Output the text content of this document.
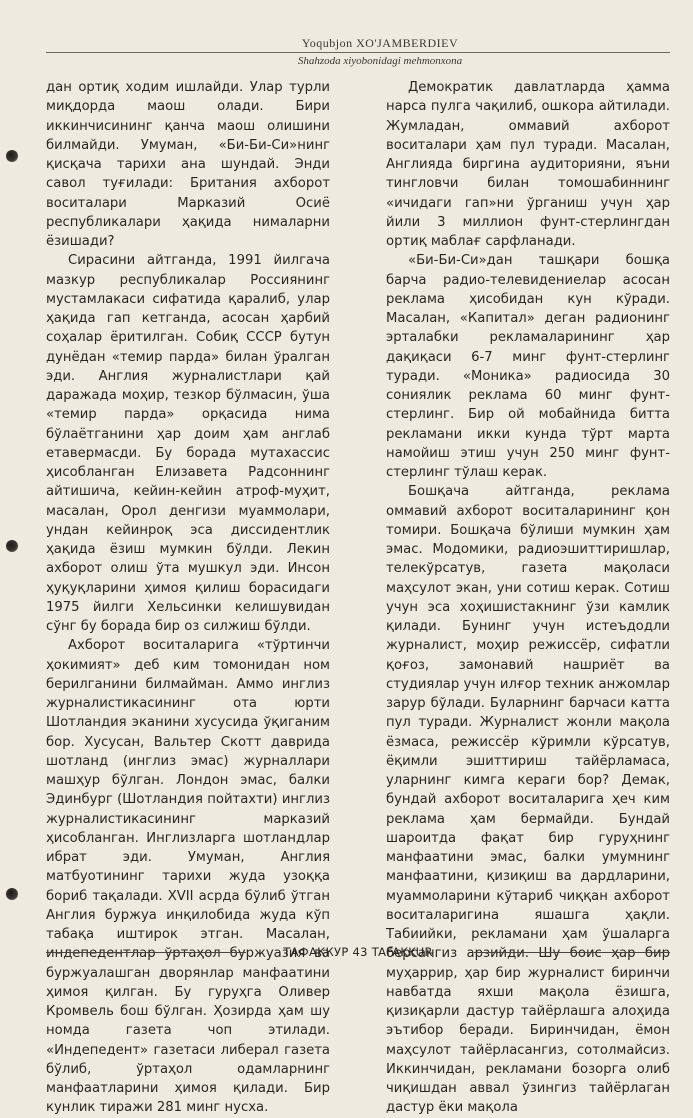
Yoqubjon XO'JAMBERDIEV
Shahzoda xiyobonidagi mehmonxona

дан ортиқ ходим ишлайди. Улар турли миқдорда маош олади. Бири иккинчисининг қанча маош олишини билмайди. Умуман, «Би-Би-Си»нинг қисқача тарихи ана шундай. Энди савол туғилади: Британия ахборот воситалари Марказий Осиё республикалари ҳақида нималарни ёзишади?

Сирасини айтганда, 1991 йилгача мазкур республикалар Россиянинг мустамлакаси сифатида қаралиб, улар ҳақида гап кетганда, асосан ҳарбий соҳалар ёритилган. Собиқ СССР бутун дунёдан «темир парда» билан ўралган эди. Англия журналистлари қай даражада моҳир, тезкор бўлмасин, ўша «темир парда» орқасида нима бўлаётганини ҳар доим ҳам англаб етавермасди. Бу борада мутахассис ҳисобланган Елизавета Радсоннинг айтишича, кейин-кейин атроф-муҳит, масалан, Орол денгизи муаммолари, ундан кейинроқ эса диссидентлик ҳақида ёзиш мумкин бўлди. Лекин ахборот олиш ўта мушкул эди. Инсон ҳуқуқларини ҳимоя қилиш борасидаги 1975 йилги Хельсинки келишувидан сўнг бу борада бир оз силжиш бўлди.

Ахборот воситаларига «тўртинчи ҳокимият» деб ким томонидан ном берилганини билмайман. Аммо инглиз журналистикасининг ота юрти Шотландия эканини хусусида ўқиганим бор. Хусусан, Вальтер Скотт даврида шотланд (инглиз эмас) журналлари машҳур бўлган. Лондон эмас, балки Эдинбург (Шотландия пойтахти) инглиз журналистикасининг марказий ҳисобланган. Инглизларга шотландлар ибрат эди. Умуман, Англия матбуотининг тарихи жуда узоққа бориб тақалади. XVII асрда бўлиб ўтган Англия буржуа инқилобида жуда кўп табақа иштирок этган. Масалан, индепедентлар ўртаҳол буржуазия ва буржуалашган дворянлар манфаатини ҳимоя қилган. Бу гуруҳга Оливер Кромвель бош бўлган. Ҳозирда ҳам шу номда газета чоп этилади. «Индепедент» газетаси либерал газета бўлиб, ўртаҳол одамларнинг манфаатларини ҳимоя қилади. Бир кунлик тиражи 281 минг нусха.

Демократик давлатларда ҳамма нарса пулга чақилиб, ошкора айтилади. Жумладан, оммавий ахборот воситалари ҳам пул туради. Масалан, Англияда биргина аудиторияни, яъни тингловчи билан томошабиннинг «ичидаги гап»ни ўрганиш учун ҳар йили 3 миллион фунт-стерлингдан ортиқ маблағ сарфланади.

«Би-Би-Си»дан ташқари бошқа барча радио-телевидениелар асосан реклама ҳисобидан кун кўради. Масалан, «Капитал» деган радионинг эрталабки рекламаларининг ҳар дақиқаси 6-7 минг фунт-стерлинг туради. «Моника» радиосида 30 сониялик реклама 60 минг фунт-стерлинг. Бир ой мобайнида битта рекламани икки кунда тўрт марта намойиш этиш учун 250 минг фунт-стерлинг тўлаш керак.

Бошқача айтганда, реклама оммавий ахборот воситаларининг қон томири. Бошқача бўлиши мумкин ҳам эмас. Модомики, радиоэшиттиришлар, телекўрсатув, газета мақоласи маҳсулот экан, уни сотиш керак. Сотиш учун эса хоҳишистакнинг ўзи камлик қилади. Бунинг учун истеъдодли журналист, моҳир режиссёр, сифатли қоғоз, замонавий нашриёт ва студиялар учун илғор техник анжомлар зарур бўлади. Буларнинг барчаси катта пул туради. Журналист жонли мақола ёзмаса, режиссёр кўримли кўрсатув, ёқимли эшиттириш тайёрламаса, уларнинг кимга кераги бор? Демак, бундай ахборот воситаларига ҳеч ким реклама ҳам бермайди. Бундай шароитда фақат бир гуруҳнинг манфаатини эмас, балки умумнинг манфаатини, қизиқиш ва дардларини, муаммоларини кўтариб чиққан ахборот воситаларигина яшашга ҳақли. Табиийки, рекламани ҳам ўшаларга берсангиз арзийди. Шу боис ҳар бир муҳаррир, ҳар бир журналист биринчи навбатда яхши мақола ёзишга, қизиқарли дастур тайёрлашга алоҳида эътибор беради. Биринчидан, ёмон маҳсулот тайёрласангиз, сотолмайсиз. Иккинчидан, рекламани бозорга олиб чиқишдан аввал ўзингиз тайёрлаган дастур ёки мақола

ТАФАККУР 43 TAFAKKUR
